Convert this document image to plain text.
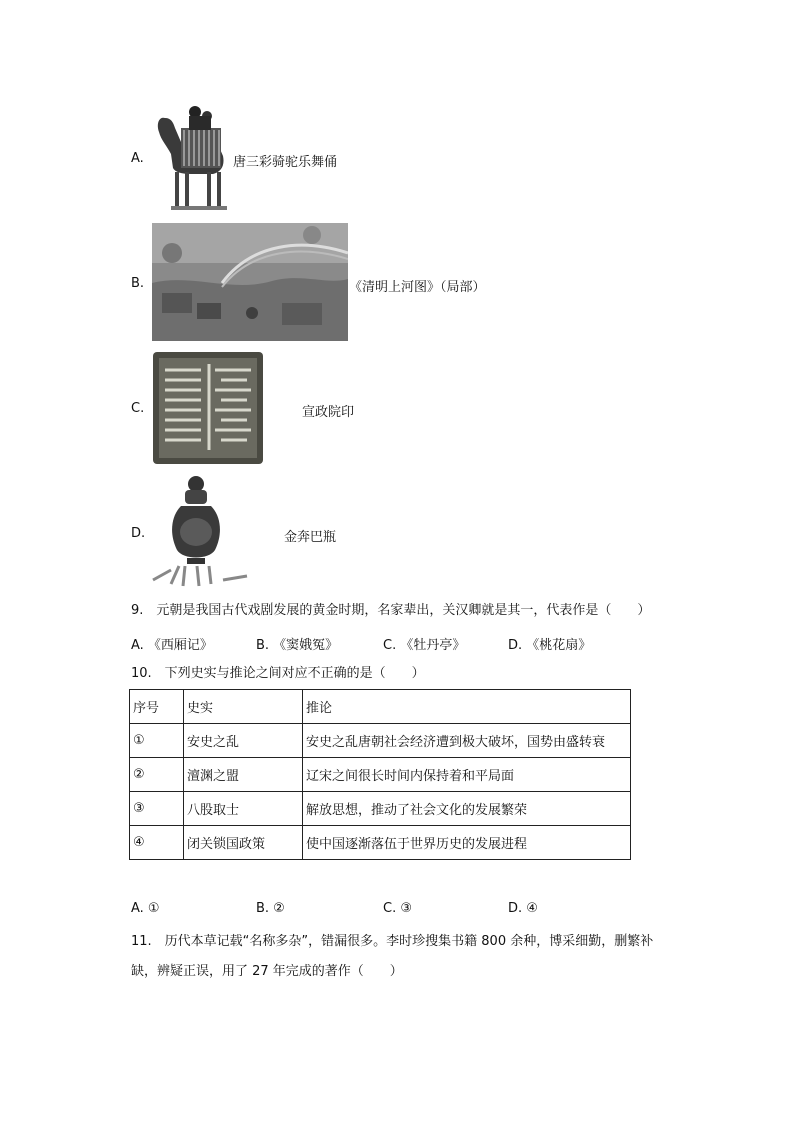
A.	唐三彩骑驼乐舞俑
B.	《清明上河图》（局部）
C.	宣政院印
D.	金奔巴瓶
9.　元朝是我国古代戏剧发展的黄金时期，名家辈出，关汉卿就是其一，代表作是（　　）
A. 《西厢记》	B. 《窦娥冤》	C. 《牡丹亭》	D. 《桃花扇》
10.　下列史实与推论之间对应不正确的是（　　）
序号	史实	推论
①	安史之乱	安史之乱唐朝社会经济遭到极大破坏，国势由盛转衰
②	澶渊之盟	辽宋之间很长时间内保持着和平局面
③	八股取士	解放思想，推动了社会文化的发展繁荣
④	闭关锁国政策	使中国逐渐落伍于世界历史的发展进程
A. ①	B. ②	C. ③	D. ④
11.　历代本草记载“名称多杂”，错漏很多。李时珍搜集书籍 800 余种，博采细勤，删繁补
缺，辨疑正误，用了 27 年完成的著作（　　）
